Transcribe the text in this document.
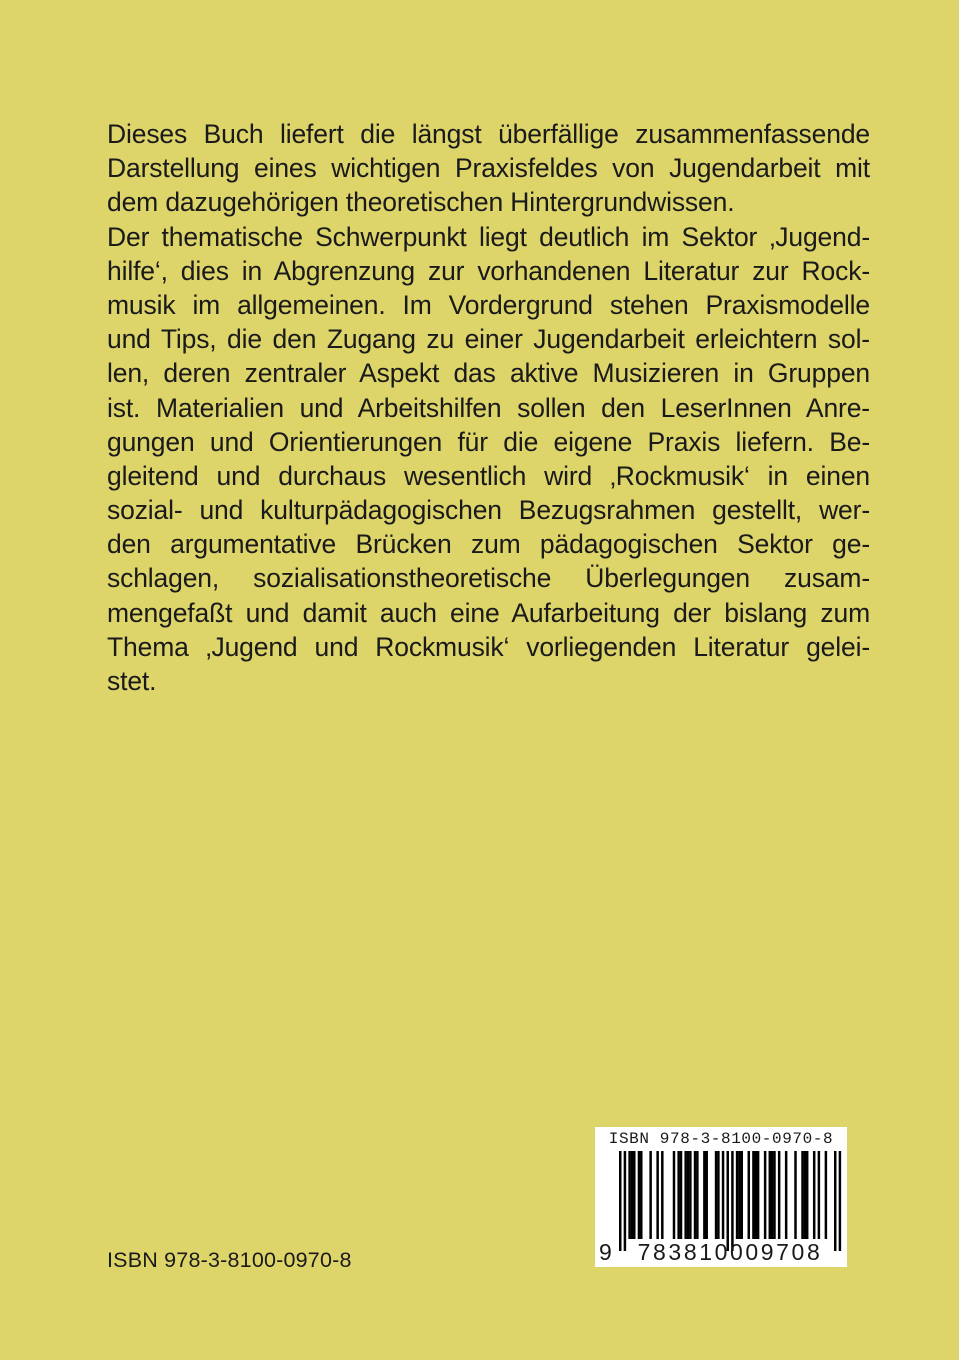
Dieses Buch liefert die längst überfällige zusammenfassende
Darstellung eines wichtigen Praxisfeldes von Jugendarbeit mit
dem dazugehörigen theoretischen Hintergrundwissen.
Der thematische Schwerpunkt liegt deutlich im Sektor ‚Jugend-
hilfe‘, dies in Abgrenzung zur vorhandenen Literatur zur Rock-
musik im allgemeinen. Im Vordergrund stehen Praxismodelle
und Tips, die den Zugang zu einer Jugendarbeit erleichtern sol-
len, deren zentraler Aspekt das aktive Musizieren in Gruppen
ist. Materialien und Arbeitshilfen sollen den LeserInnen Anre-
gungen und Orientierungen für die eigene Praxis liefern. Be-
gleitend und durchaus wesentlich wird ‚Rockmusik‘ in einen
sozial- und kulturpädagogischen Bezugsrahmen gestellt, wer-
den argumentative Brücken zum pädagogischen Sektor ge-
schlagen, sozialisationstheoretische Überlegungen zusam-
mengefaßt und damit auch eine Aufarbeitung der bislang zum
Thema ‚Jugend und Rockmusik‘ vorliegenden Literatur gelei-
stet.
ISBN 978-3-8100-0970-8
ISBN 978-3-8100-0970-8
9	783810009708
